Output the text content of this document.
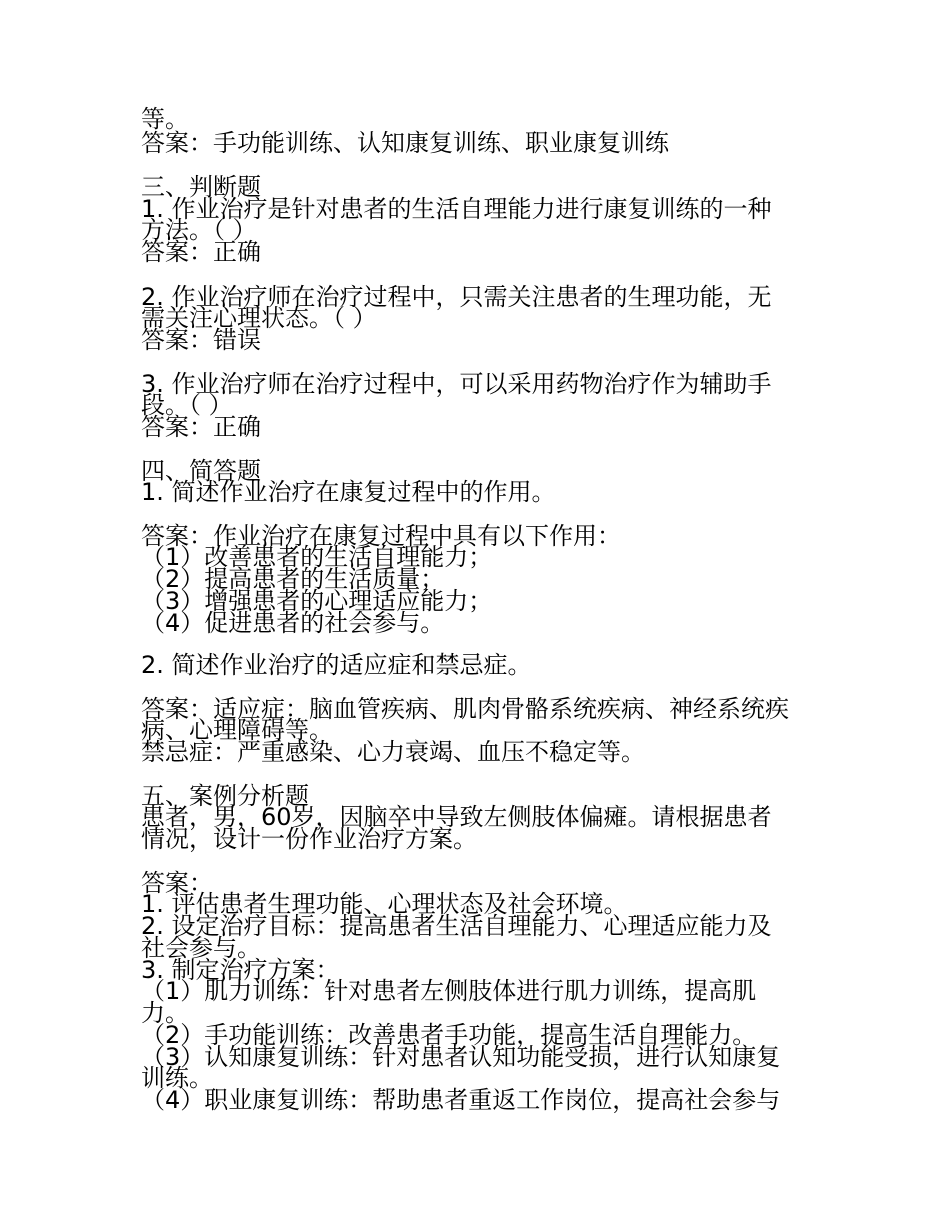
等。
答案：手功能训练、认知康复训练、职业康复训练
三、判断题
1. 作业治疗是针对患者的生活自理能力进行康复训练的一种
方法。（ ）
答案：正确
2. 作业治疗师在治疗过程中，只需关注患者的生理功能，无
需关注心理状态。（ ）
答案：错误
3. 作业治疗师在治疗过程中，可以采用药物治疗作为辅助手
段。（ ）
答案：正确
四、简答题
1. 简述作业治疗在康复过程中的作用。
答案：作业治疗在康复过程中具有以下作用：
（1）改善患者的生活自理能力；
（2）提高患者的生活质量；
（3）增强患者的心理适应能力；
（4）促进患者的社会参与。
2. 简述作业治疗的适应症和禁忌症。
答案：适应症：脑血管疾病、肌肉骨骼系统疾病、神经系统疾
病、心理障碍等。
禁忌症：严重感染、心力衰竭、血压不稳定等。
五、案例分析题
患者，男，60岁，因脑卒中导致左侧肢体偏瘫。请根据患者
情况，设计一份作业治疗方案。
答案：
1. 评估患者生理功能、心理状态及社会环境。
2. 设定治疗目标：提高患者生活自理能力、心理适应能力及
社会参与。
3. 制定治疗方案：
（1）肌力训练：针对患者左侧肢体进行肌力训练，提高肌
力。
（2）手功能训练：改善患者手功能，提高生活自理能力。
（3）认知康复训练：针对患者认知功能受损，进行认知康复
训练。
（4）职业康复训练：帮助患者重返工作岗位，提高社会参与
